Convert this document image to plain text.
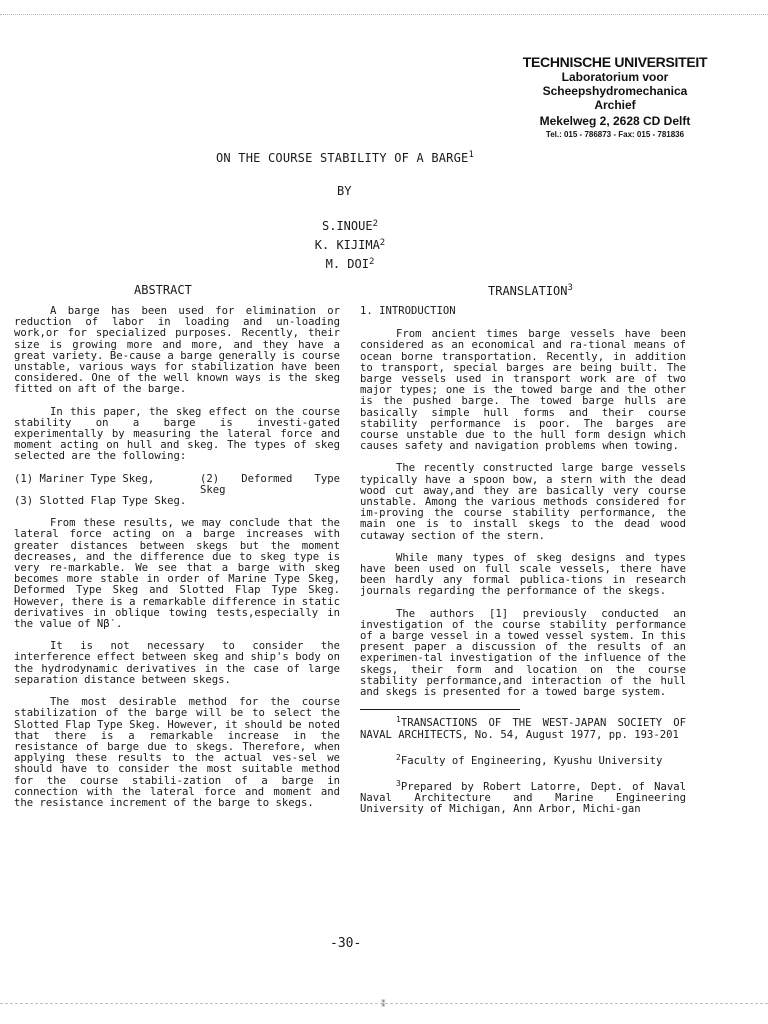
TECHNISCHE UNIVERSITEIT
Laboratorium voor
Scheepshydromechanica
Archief
Mekelweg 2, 2628 CD Delft
Tel.: 015 - 786873 - Fax: 015 - 781836
ON THE COURSE STABILITY OF A BARGE$^1$
BY
S.INOUE$^2$
K. KIJIMA$^2$
M. DOI$^2$
ABSTRACT	TRANSLATION$^3$

A barge has been used for elimination or reduction of labor in loading and un-loading work,or for specialized purposes. Recently, their size is growing more and more, and they have a great variety. Be-cause a barge generally is course unstable, various ways for stabilization have been considered. One of the well known ways is the skeg fitted on aft of the barge.

In this paper, the skeg effect on the course stability on a barge is investi-gated experimentally by measuring the lateral force and moment acting on hull and skeg. The types of skeg selected are the following:

(1) Mariner Type Skeg,	(2) Deformed Type Skeg
(3) Slotted Flap Type Skeg.

From these results, we may conclude that the lateral force acting on a barge increases with greater distances between skegs but the moment decreases, and the difference due to skeg type is very re-markable. We see that a barge with skeg becomes more stable in order of Marine Type Skeg, Deformed Type Skeg and Slotted Flap Type Skeg. However, there is a remarkable difference in static derivatives in oblique towing tests,especially in the value of Nβ′.

It is not necessary to consider the interference effect between skeg and ship's body on the hydrodynamic derivatives in the case of large separation distance between skegs.

The most desirable method for the course stabilization of the barge will be to select the Slotted Flap Type Skeg. However, it should be noted that there is a remarkable increase in the resistance of barge due to skegs. Therefore, when applying these results to the actual ves-sel we should have to consider the most suitable method for the course stabili-zation of a barge in connection with the lateral force and moment and the resistance increment of the barge to skegs.

1. INTRODUCTION

From ancient times barge vessels have been considered as an economical and ra-tional means of ocean borne transportation. Recently, in addition to transport, special barges are being built. The barge vessels used in transport work are of two major types; one is the towed barge and the other is the pushed barge. The towed barge hulls are basically simple hull forms and their course stability performance is poor. The barges are course unstable due to the hull form design which causes safety and navigation problems when towing.

The recently constructed large barge vessels typically have a spoon bow, a stern with the dead wood cut away,and they are basically very course unstable. Among the various methods considered for im-proving the course stability performance, the main one is to install skegs to the dead wood cutaway section of the stern.

While many types of skeg designs and types have been used on full scale vessels, there have been hardly any formal publica-tions in research journals regarding the performance of the skegs.

The authors [1] previously conducted an investigation of the course stability performance of a barge vessel in a towed vessel system. In this present paper a discussion of the results of an experimen-tal investigation of the influence of the skegs, their form and location on the course stability performance,and interaction of the hull and skegs is presented for a towed barge system.

$^1$TRANSACTIONS OF THE WEST-JAPAN SOCIETY OF NAVAL ARCHITECTS, No. 54, August 1977, pp. 193-201

$^2$Faculty of Engineering, Kyushu University

$^3$Prepared by Robert Latorre, Dept. of Naval Naval Architecture and Marine Engineering University of Michigan, Ann Arbor, Michi-gan

-30-
⁑
